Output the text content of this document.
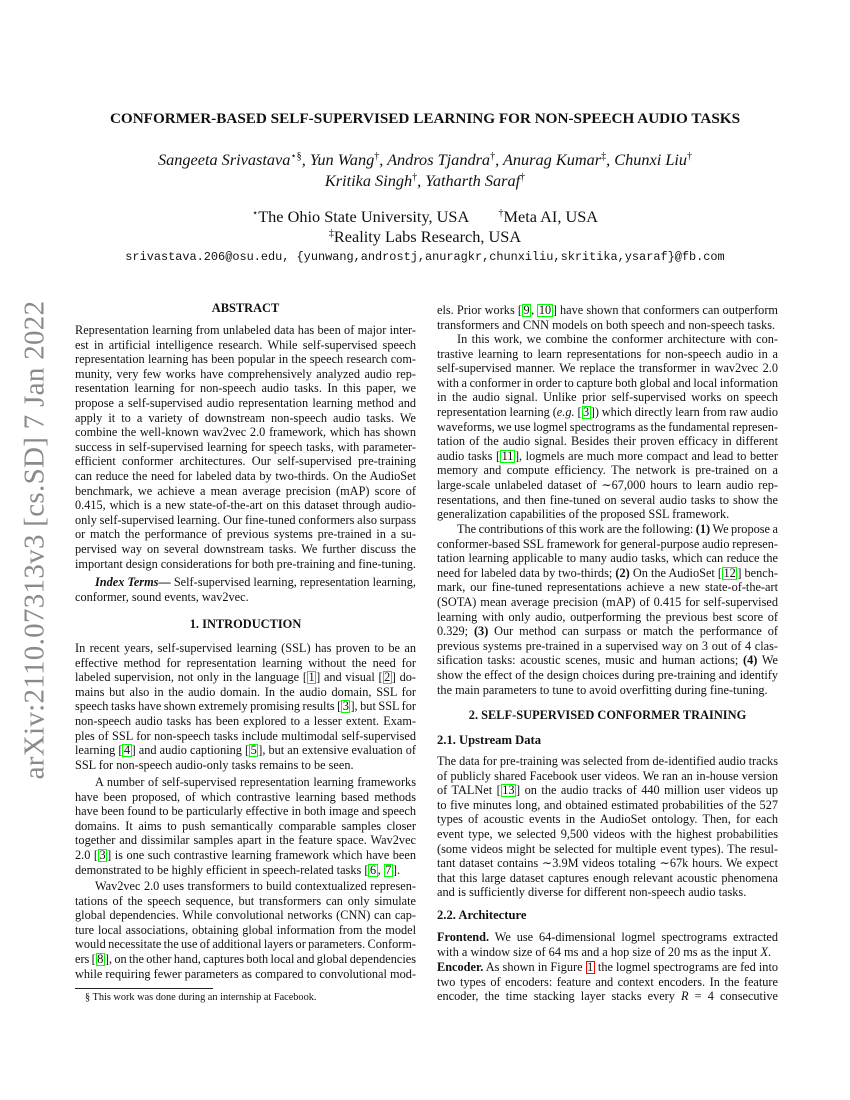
arXiv:2110.07313v3 [cs.SD] 7 Jan 2022
CONFORMER-BASED SELF-SUPERVISED LEARNING FOR NON-SPEECH AUDIO TASKS
Sangeeta Srivastava⋆§, Yun Wang†, Andros Tjandra†, Anurag Kumar‡, Chunxi Liu†
Kritika Singh†, Yatharth Saraf†
⋆The Ohio State University, USA	†Meta AI, USA
‡Reality Labs Research, USA
srivastava.206@osu.edu, {yunwang,androstj,anuragkr,chunxiliu,skritika,ysaraf}@fb.com
ABSTRACT
Representation learning from unlabeled data has been of major inter-
est in artificial intelligence research. While self-supervised speech
representation learning has been popular in the speech research com-
munity, very few works have comprehensively analyzed audio rep-
resentation learning for non-speech audio tasks. In this paper, we
propose a self-supervised audio representation learning method and
apply it to a variety of downstream non-speech audio tasks. We
combine the well-known wav2vec 2.0 framework, which has shown
success in self-supervised learning for speech tasks, with parameter-
efficient conformer architectures. Our self-supervised pre-training
can reduce the need for labeled data by two-thirds. On the AudioSet
benchmark, we achieve a mean average precision (mAP) score of
0.415, which is a new state-of-the-art on this dataset through audio-
only self-supervised learning. Our fine-tuned conformers also surpass
or match the performance of previous systems pre-trained in a su-
pervised way on several downstream tasks. We further discuss the
important design considerations for both pre-training and fine-tuning.
Index Terms— Self-supervised learning, representation learning,
conformer, sound events, wav2vec.
1. INTRODUCTION
In recent years, self-supervised learning (SSL) has proven to be an
effective method for representation learning without the need for
labeled supervision, not only in the language [ 1 ] and visual [ 2 ] do-
mains but also in the audio domain. In the audio domain, SSL for
speech tasks have shown extremely promising results [ 3 ], but SSL for
non-speech audio tasks has been explored to a lesser extent. Exam-
ples of SSL for non-speech tasks include multimodal self-supervised
learning [ 4 ] and audio captioning [ 5 ], but an extensive evaluation of
SSL for non-speech audio-only tasks remains to be seen.
A number of self-supervised representation learning frameworks
have been proposed, of which contrastive learning based methods
have been found to be particularly effective in both image and speech
domains. It aims to push semantically comparable samples closer
together and dissimilar samples apart in the feature space. Wav2vec
2.0 [ 3 ] is one such contrastive learning framework which have been
demonstrated to be highly efficient in speech-related tasks [ 6 , 7 ].
Wav2vec 2.0 uses transformers to build contextualized represen-
tations of the speech sequence, but transformers can only simulate
global dependencies. While convolutional networks (CNN) can cap-
ture local associations, obtaining global information from the model
would necessitate the use of additional layers or parameters. Conform-
ers [ 8 ], on the other hand, captures both local and global dependencies
while requiring fewer parameters as compared to convolutional mod-
§ This work was done during an internship at Facebook.
els. Prior works [ 9 , 10 ] have shown that conformers can outperform
transformers and CNN models on both speech and non-speech tasks.
In this work, we combine the conformer architecture with con-
trastive learning to learn representations for non-speech audio in a
self-supervised manner. We replace the transformer in wav2vec 2.0
with a conformer in order to capture both global and local information
in the audio signal. Unlike prior self-supervised works on speech
representation learning (e.g. [ 3 ]) which directly learn from raw audio
waveforms, we use logmel spectrograms as the fundamental represen-
tation of the audio signal. Besides their proven efficacy in different
audio tasks [ 11 ], logmels are much more compact and lead to better
memory and compute efficiency. The network is pre-trained on a
large-scale unlabeled dataset of ∼67,000 hours to learn audio rep-
resentations, and then fine-tuned on several audio tasks to show the
generalization capabilities of the proposed SSL framework.
The contributions of this work are the following: (1) We propose a
conformer-based SSL framework for general-purpose audio represen-
tation learning applicable to many audio tasks, which can reduce the
need for labeled data by two-thirds; (2) On the AudioSet [ 12 ] bench-
mark, our fine-tuned representations achieve a new state-of-the-art
(SOTA) mean average precision (mAP) of 0.415 for self-supervised
learning with only audio, outperforming the previous best score of
0.329; (3) Our method can surpass or match the performance of
previous systems pre-trained in a supervised way on 3 out of 4 clas-
sification tasks: acoustic scenes, music and human actions; (4) We
show the effect of the design choices during pre-training and identify
the main parameters to tune to avoid overfitting during fine-tuning.
2. SELF-SUPERVISED CONFORMER TRAINING
2.1. Upstream Data
The data for pre-training was selected from de-identified audio tracks
of publicly shared Facebook user videos. We ran an in-house version
of TALNet [ 13 ] on the audio tracks of 440 million user videos up
to five minutes long, and obtained estimated probabilities of the 527
types of acoustic events in the AudioSet ontology. Then, for each
event type, we selected 9,500 videos with the highest probabilities
(some videos might be selected for multiple event types). The resul-
tant dataset contains ∼3.9M videos totaling ∼67k hours. We expect
that this large dataset captures enough relevant acoustic phenomena
and is sufficiently diverse for different non-speech audio tasks.
2.2. Architecture
Frontend. We use 64-dimensional logmel spectrograms extracted
with a window size of 64 ms and a hop size of 20 ms as the input X.
Encoder. As shown in Figure 1 the logmel spectrograms are fed into
two types of encoders: feature and context encoders. In the feature
encoder, the time stacking layer stacks every R = 4 consecutive
